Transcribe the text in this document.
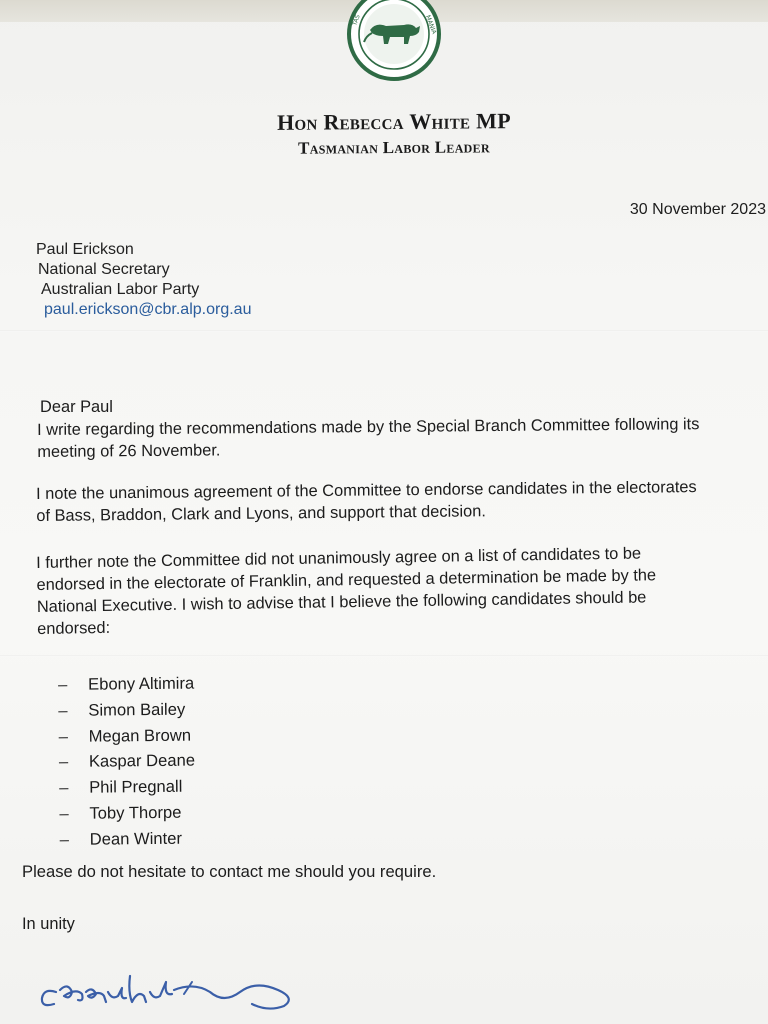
TAS	MANIA
Hon Rebecca White MP
Tasmanian Labor Leader
30 November 2023
Paul Erickson
National Secretary
Australian Labor Party
paul.erickson@cbr.alp.org.au
Dear Paul
I write regarding the recommendations made by the Special Branch Committee following its
meeting of 26 November.
I note the unanimous agreement of the Committee to endorse candidates in the electorates
of Bass, Braddon, Clark and Lyons, and support that decision.
I further note the Committee did not unanimously agree on a list of candidates to be
endorsed in the electorate of Franklin, and requested a determination be made by the
National Executive. I wish to advise that I believe the following candidates should be
endorsed:
– Ebony Altimira
– Simon Bailey
– Megan Brown
– Kaspar Deane
– Phil Pregnall
– Toby Thorpe
– Dean Winter
Please do not hesitate to contact me should you require.
In unity
